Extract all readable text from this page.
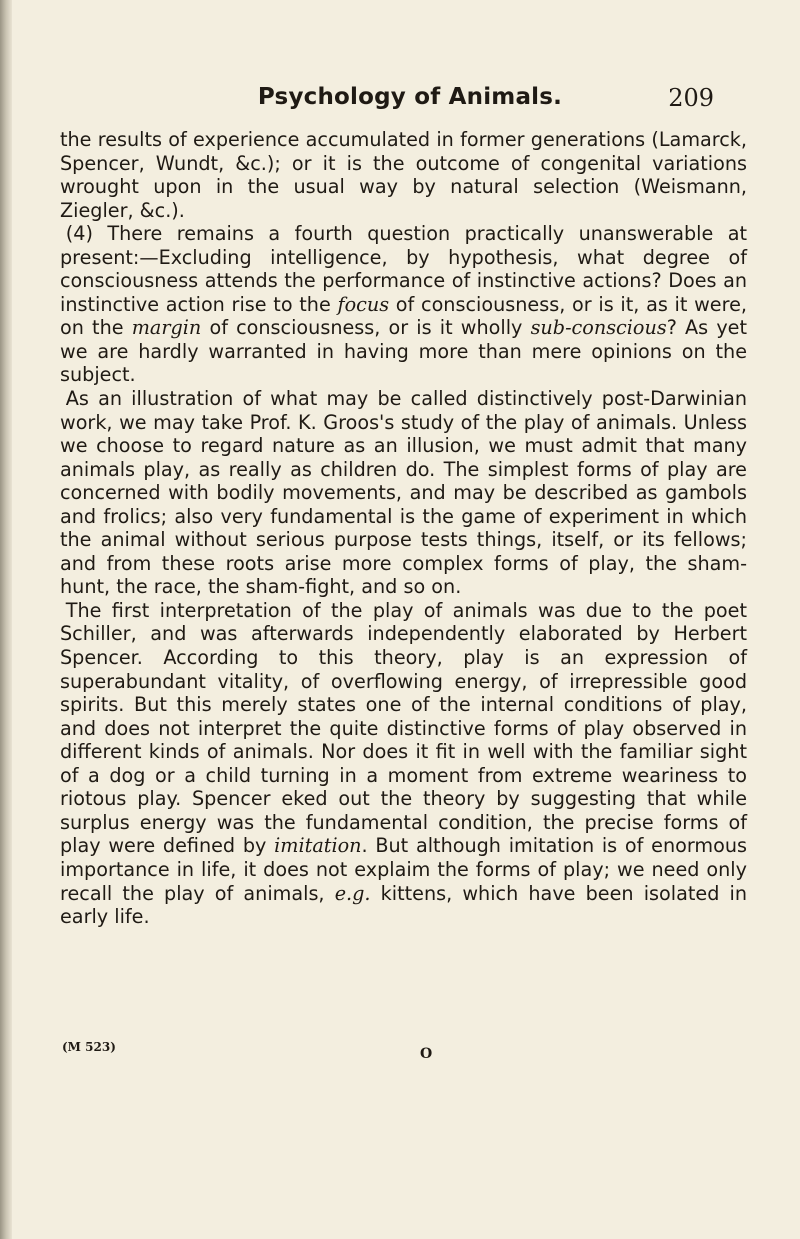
Psychology of Animals.	209

the results of experience accumulated in former generations (Lamarck, Spencer, Wundt, &c.); or it is the outcome of congenital variations wrought upon in the usual way by natural selection (Weismann, Ziegler, &c.).

(4) There remains a fourth question practically unanswerable at present:—Excluding intelligence, by hypothesis, what degree of consciousness attends the performance of instinctive actions? Does an instinctive action rise to the focus of consciousness, or is it, as it were, on the margin of consciousness, or is it wholly sub-conscious? As yet we are hardly warranted in having more than mere opinions on the subject.

As an illustration of what may be called distinctively post-Darwinian work, we may take Prof. K. Groos's study of the play of animals. Unless we choose to regard nature as an illusion, we must admit that many animals play, as really as children do. The simplest forms of play are concerned with bodily movements, and may be described as gambols and frolics; also very fundamental is the game of experiment in which the animal without serious purpose tests things, itself, or its fellows; and from these roots arise more complex forms of play, the sham-hunt, the race, the sham-fight, and so on.

The first interpretation of the play of animals was due to the poet Schiller, and was afterwards independently elaborated by Herbert Spencer. According to this theory, play is an expression of superabundant vitality, of overflowing energy, of irrepressible good spirits. But this merely states one of the internal conditions of play, and does not interpret the quite distinctive forms of play observed in different kinds of animals. Nor does it fit in well with the familiar sight of a dog or a child turning in a moment from extreme weariness to riotous play. Spencer eked out the theory by suggesting that while surplus energy was the fundamental condition, the precise forms of play were defined by imitation. But although imitation is of enormous importance in life, it does not explaim the forms of play; we need only recall the play of animals, e.g. kittens, which have been isolated in early life.

(M 523)	O
